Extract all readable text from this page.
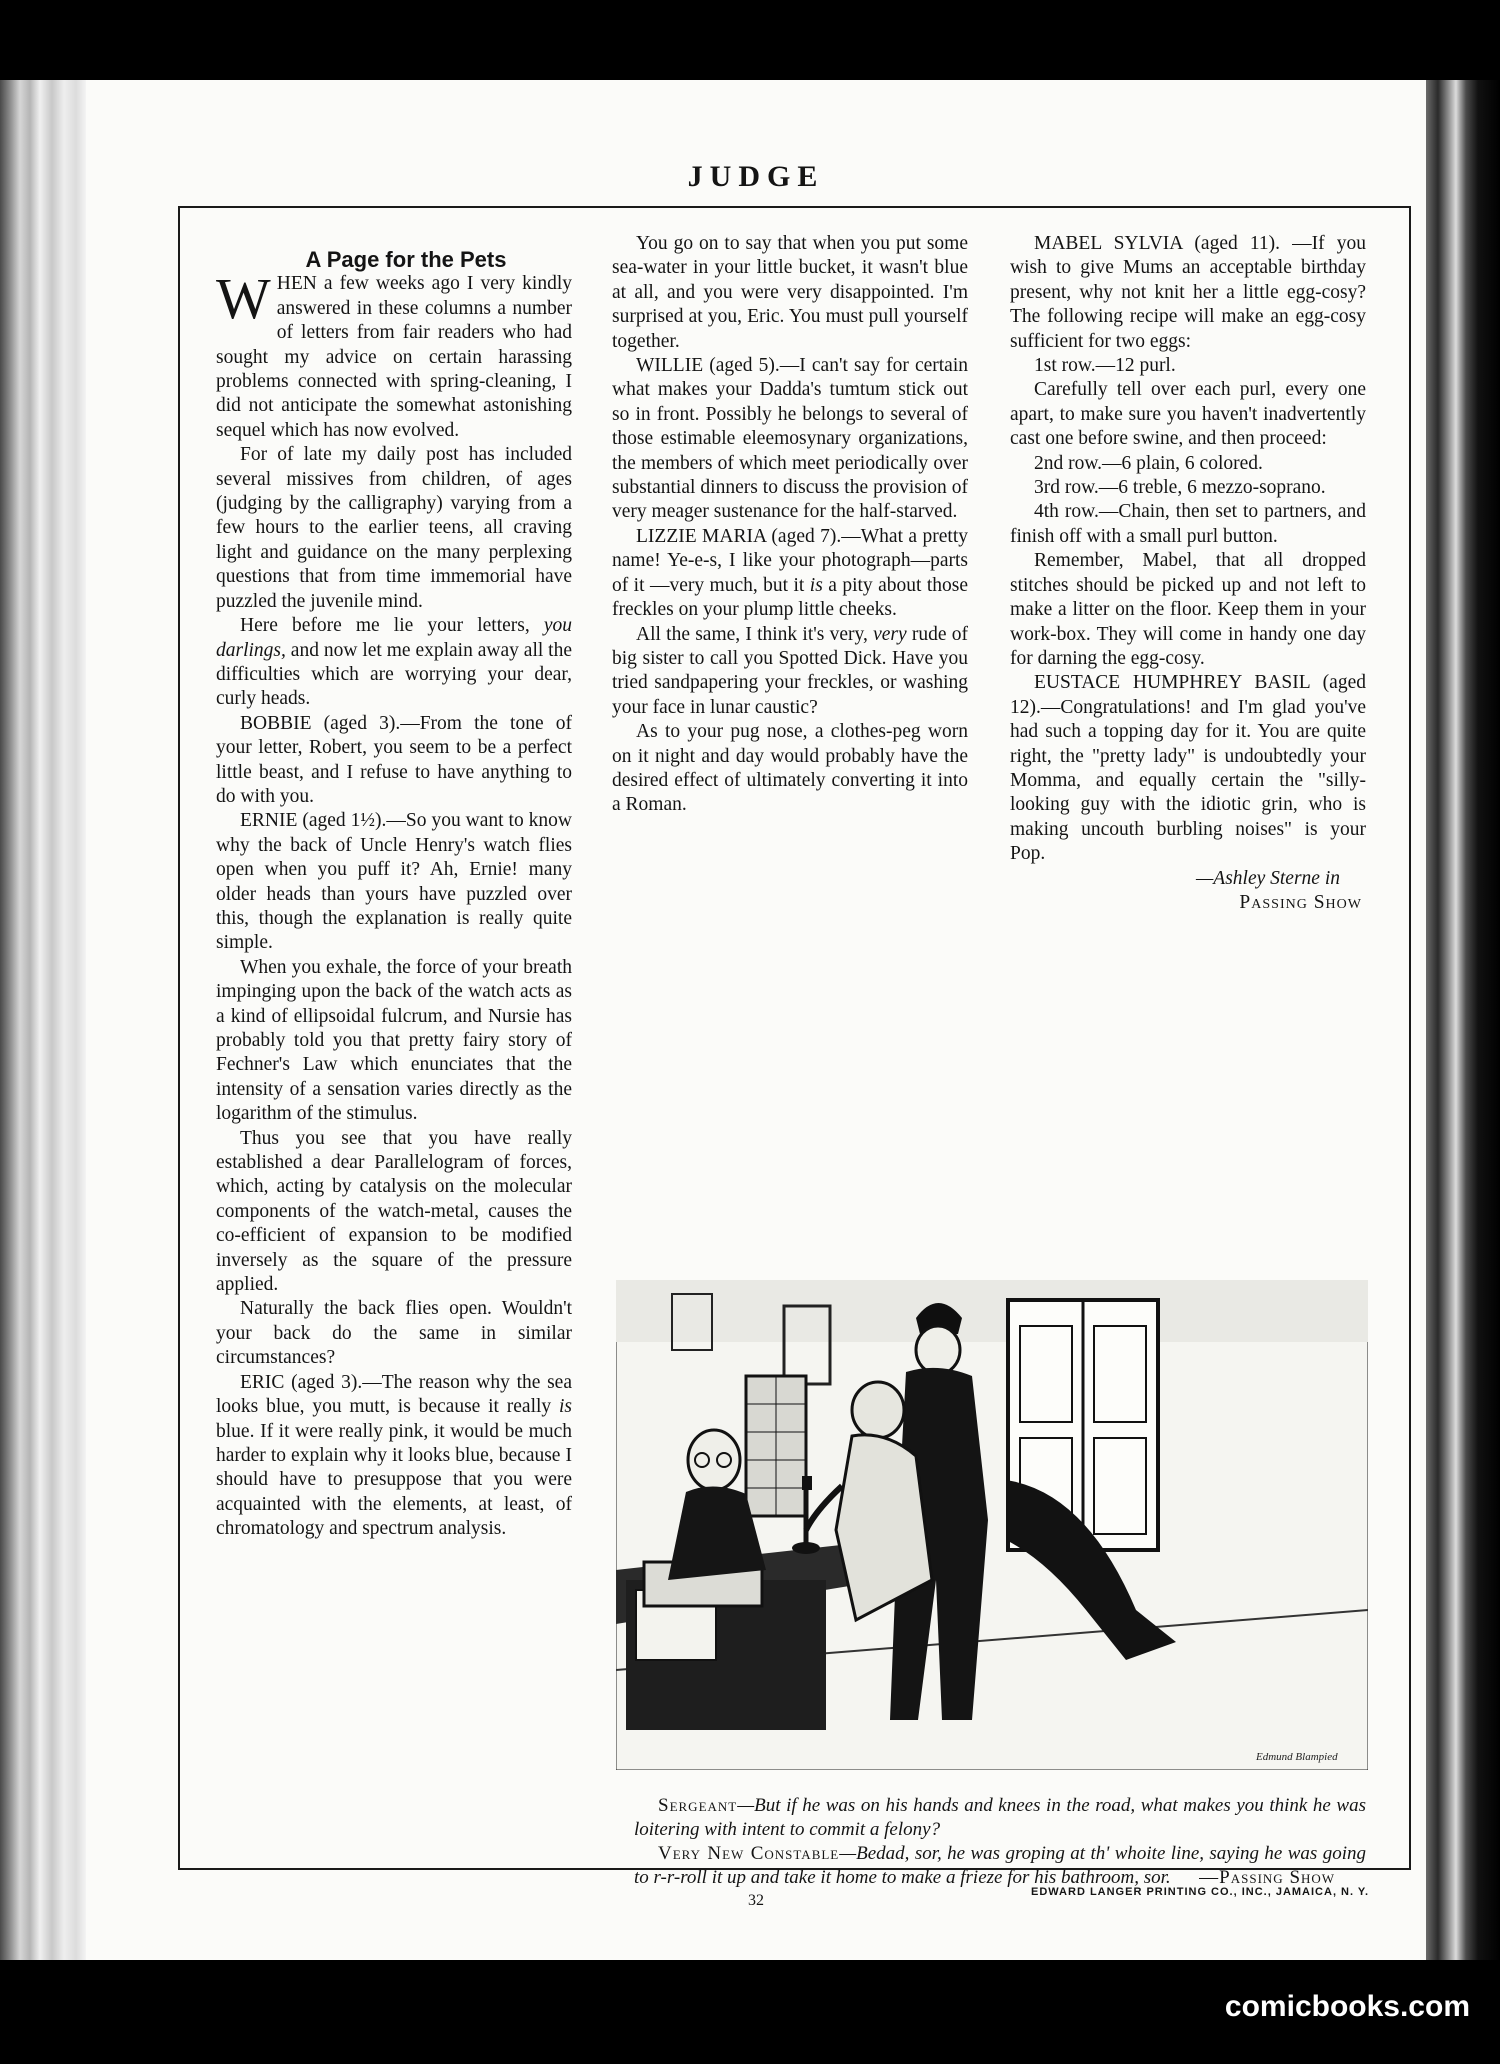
JUDGE

A Page for the Pets

WHEN a few weeks ago I very kindly answered in these columns a number of letters from fair readers who had sought my advice on certain harassing problems connected with spring-cleaning, I did not anticipate the somewhat astonishing sequel which has now evolved.

For of late my daily post has included several missives from children, of ages (judging by the calligraphy) varying from a few hours to the earlier teens, all craving light and guidance on the many perplexing questions that from time immemorial have puzzled the juvenile mind.

Here before me lie your letters, you darlings, and now let me explain away all the difficulties which are worrying your dear, curly heads.

BOBBIE (aged 3).—From the tone of your letter, Robert, you seem to be a perfect little beast, and I refuse to have anything to do with you.

ERNIE (aged 1½).—So you want to know why the back of Uncle Henry's watch flies open when you puff it? Ah, Ernie! many older heads than yours have puzzled over this, though the explanation is really quite simple.

When you exhale, the force of your breath impinging upon the back of the watch acts as a kind of ellipsoidal fulcrum, and Nursie has probably told you that pretty fairy story of Fechner's Law which enunciates that the intensity of a sensation varies directly as the logarithm of the stimulus.

Thus you see that you have really established a dear Parallelogram of forces, which, acting by catalysis on the molecular components of the watch-metal, causes the co-efficient of expansion to be modified inversely as the square of the pressure applied.

Naturally the back flies open. Wouldn't your back do the same in similar circumstances?

ERIC (aged 3).—The reason why the sea looks blue, you mutt, is because it really is blue. If it were really pink, it would be much harder to explain why it looks blue, because I should have to presuppose that you were acquainted with the elements, at least, of chromatology and spectrum analysis.

You go on to say that when you put some sea-water in your little bucket, it wasn't blue at all, and you were very disappointed. I'm surprised at you, Eric. You must pull yourself together.

WILLIE (aged 5).—I can't say for certain what makes your Dadda's tumtum stick out so in front. Possibly he belongs to several of those estimable eleemosynary organizations, the members of which meet periodically over substantial dinners to discuss the provision of very meager sustenance for the half-starved.

LIZZIE MARIA (aged 7).—What a pretty name! Ye-e-s, I like your photograph—parts of it —very much, but it is a pity about those freckles on your plump little cheeks.

All the same, I think it's very, very rude of big sister to call you Spotted Dick. Have you tried sandpapering your freckles, or washing your face in lunar caustic?

As to your pug nose, a clothes-peg worn on it night and day would probably have the desired effect of ultimately converting it into a Roman.

MABEL SYLVIA (aged 11). —If you wish to give Mums an acceptable birthday present, why not knit her a little egg-cosy? The following recipe will make an egg-cosy sufficient for two eggs:

1st row.—12 purl.

Carefully tell over each purl, every one apart, to make sure you haven't inadvertently cast one before swine, and then proceed:

2nd row.—6 plain, 6 colored.

3rd row.—6 treble, 6 mezzo-soprano.

4th row.—Chain, then set to partners, and finish off with a small purl button.

Remember, Mabel, that all dropped stitches should be picked up and not left to make a litter on the floor. Keep them in your work-box. They will come in handy one day for darning the egg-cosy.

EUSTACE HUMPHREY BASIL (aged 12).—Congratulations! and I'm glad you've had such a topping day for it. You are quite right, the "pretty lady" is undoubtedly your Momma, and equally certain the "silly-looking guy with the idiotic grin, who is making uncouth burbling noises" is your Pop.

—Ashley Sterne in

Passing Show

Edmund Blampied

Sergeant—But if he was on his hands and knees in the road, what makes you think he was loitering with intent to commit a felony?

Very New Constable—Bedad, sor, he was groping at th' whoite line, saying he was going to r-r-roll it up and take it home to make a frieze for his bathroom, sor. —Passing Show

EDWARD LANGER PRINTING CO., INC., JAMAICA, N. Y.
32
comicbooks.com
